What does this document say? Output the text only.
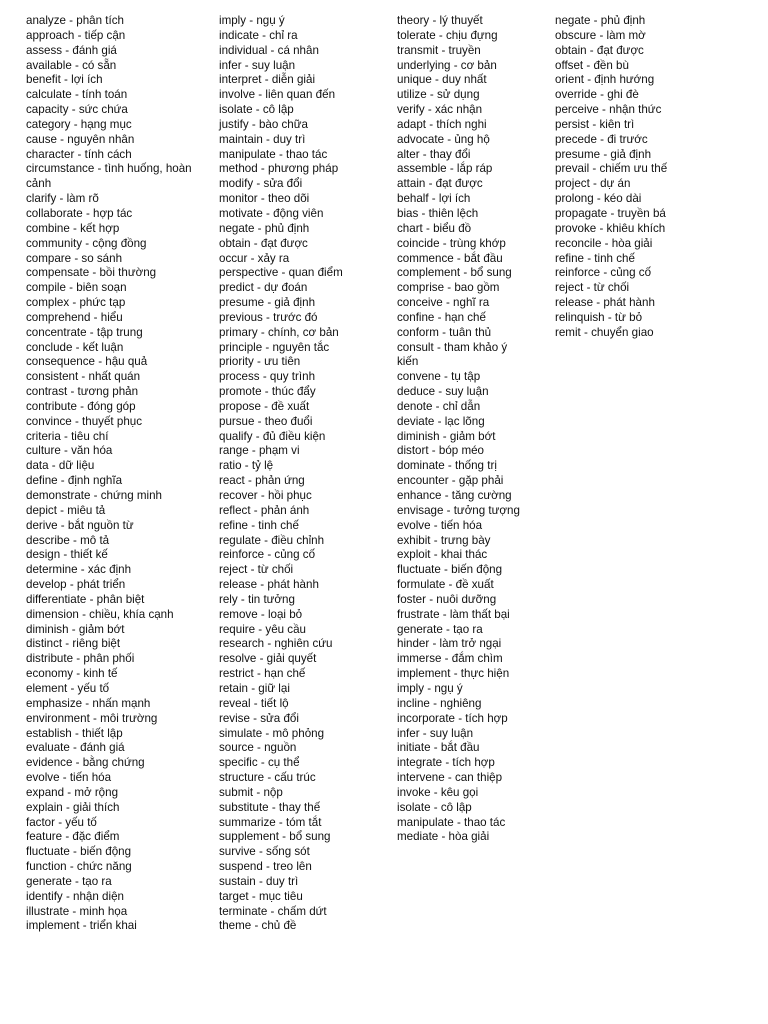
analyze - phân tích
approach - tiếp cận
assess - đánh giá
available - có sẵn
benefit - lợi ích
calculate - tính toán
capacity - sức chứa
category - hạng mục
cause - nguyên nhân
character - tính cách
circumstance - tình huống, hoàn cảnh
clarify - làm rõ
collaborate - hợp tác
combine - kết hợp
community - cộng đồng
compare - so sánh
compensate - bồi thường
compile - biên soạn
complex - phức tạp
comprehend - hiểu
concentrate - tập trung
conclude - kết luận
consequence - hậu quả
consistent - nhất quán
contrast - tương phản
contribute - đóng góp
convince - thuyết phục
criteria - tiêu chí
culture - văn hóa
data - dữ liệu
define - định nghĩa
demonstrate - chứng minh
depict - miêu tả
derive - bắt nguồn từ
describe - mô tả
design - thiết kế
determine - xác định
develop - phát triển
differentiate - phân biệt
dimension - chiều, khía cạnh
diminish - giảm bớt
distinct - riêng biệt
distribute - phân phối
economy - kinh tế
element - yếu tố
emphasize - nhấn mạnh
environment - môi trường
establish - thiết lập
evaluate - đánh giá
evidence - bằng chứng
evolve - tiến hóa
expand - mở rộng
explain - giải thích
factor - yếu tố
feature - đặc điểm
fluctuate - biến động
function - chức năng
generate - tạo ra
identify - nhận diện
illustrate - minh họa
implement - triển khai
imply - ngụ ý
indicate - chỉ ra
individual - cá nhân
infer - suy luận
interpret - diễn giải
involve - liên quan đến
isolate - cô lập
justify - bào chữa
maintain - duy trì
manipulate - thao tác
method - phương pháp
modify - sửa đổi
monitor - theo dõi
motivate - động viên
negate - phủ định
obtain - đạt được
occur - xảy ra
perspective - quan điểm
predict - dự đoán
presume - giả định
previous - trước đó
primary - chính, cơ bản
principle - nguyên tắc
priority - ưu tiên
process - quy trình
promote - thúc đẩy
propose - đề xuất
pursue - theo đuổi
qualify - đủ điều kiện
range - phạm vi
ratio - tỷ lệ
react - phản ứng
recover - hồi phục
reflect - phản ánh
refine - tinh chế
regulate - điều chỉnh
reinforce - củng cố
reject - từ chối
release - phát hành
rely - tin tưởng
remove - loại bỏ
require - yêu cầu
research - nghiên cứu
resolve - giải quyết
restrict - hạn chế
retain - giữ lại
reveal - tiết lộ
revise - sửa đổi
simulate - mô phỏng
source - nguồn
specific - cụ thể
structure - cấu trúc
submit - nộp
substitute - thay thế
summarize - tóm tắt
supplement - bổ sung
survive - sống sót
suspend - treo lên
sustain - duy trì
target - mục tiêu
terminate - chấm dứt
theme - chủ đề
theory - lý thuyết
tolerate - chịu đựng
transmit - truyền
underlying - cơ bản
unique - duy nhất
utilize - sử dụng
verify - xác nhận
adapt - thích nghi
advocate - ủng hộ
alter - thay đổi
assemble - lắp ráp
attain - đạt được
behalf - lợi ích
bias - thiên lệch
chart - biểu đồ
coincide - trùng khớp
commence - bắt đầu
complement - bổ sung
comprise - bao gồm
conceive - nghĩ ra
confine - hạn chế
conform - tuân thủ
consult - tham khảo ý kiến
convene - tụ tập
deduce - suy luận
denote - chỉ dẫn
deviate - lạc lõng
diminish - giảm bớt
distort - bóp méo
dominate - thống trị
encounter - gặp phải
enhance - tăng cường
envisage - tưởng tượng
evolve - tiến hóa
exhibit - trưng bày
exploit - khai thác
fluctuate - biến động
formulate - đề xuất
foster - nuôi dưỡng
frustrate - làm thất bại
generate - tạo ra
hinder - làm trở ngại
immerse - đắm chìm
implement - thực hiện
imply - ngụ ý
incline - nghiêng
incorporate - tích hợp
infer - suy luận
initiate - bắt đầu
integrate - tích hợp
intervene - can thiệp
invoke - kêu gọi
isolate - cô lập
manipulate - thao tác
mediate - hòa giải
negate - phủ định
obscure - làm mờ
obtain - đạt được
offset - đền bù
orient - định hướng
override - ghi đè
perceive - nhận thức
persist - kiên trì
precede - đi trước
presume - giả định
prevail - chiếm ưu thế
project - dự án
prolong - kéo dài
propagate - truyền bá
provoke - khiêu khích
reconcile - hòa giải
refine - tinh chế
reinforce - củng cố
reject - từ chối
release - phát hành
relinquish - từ bỏ
remit - chuyển giao
